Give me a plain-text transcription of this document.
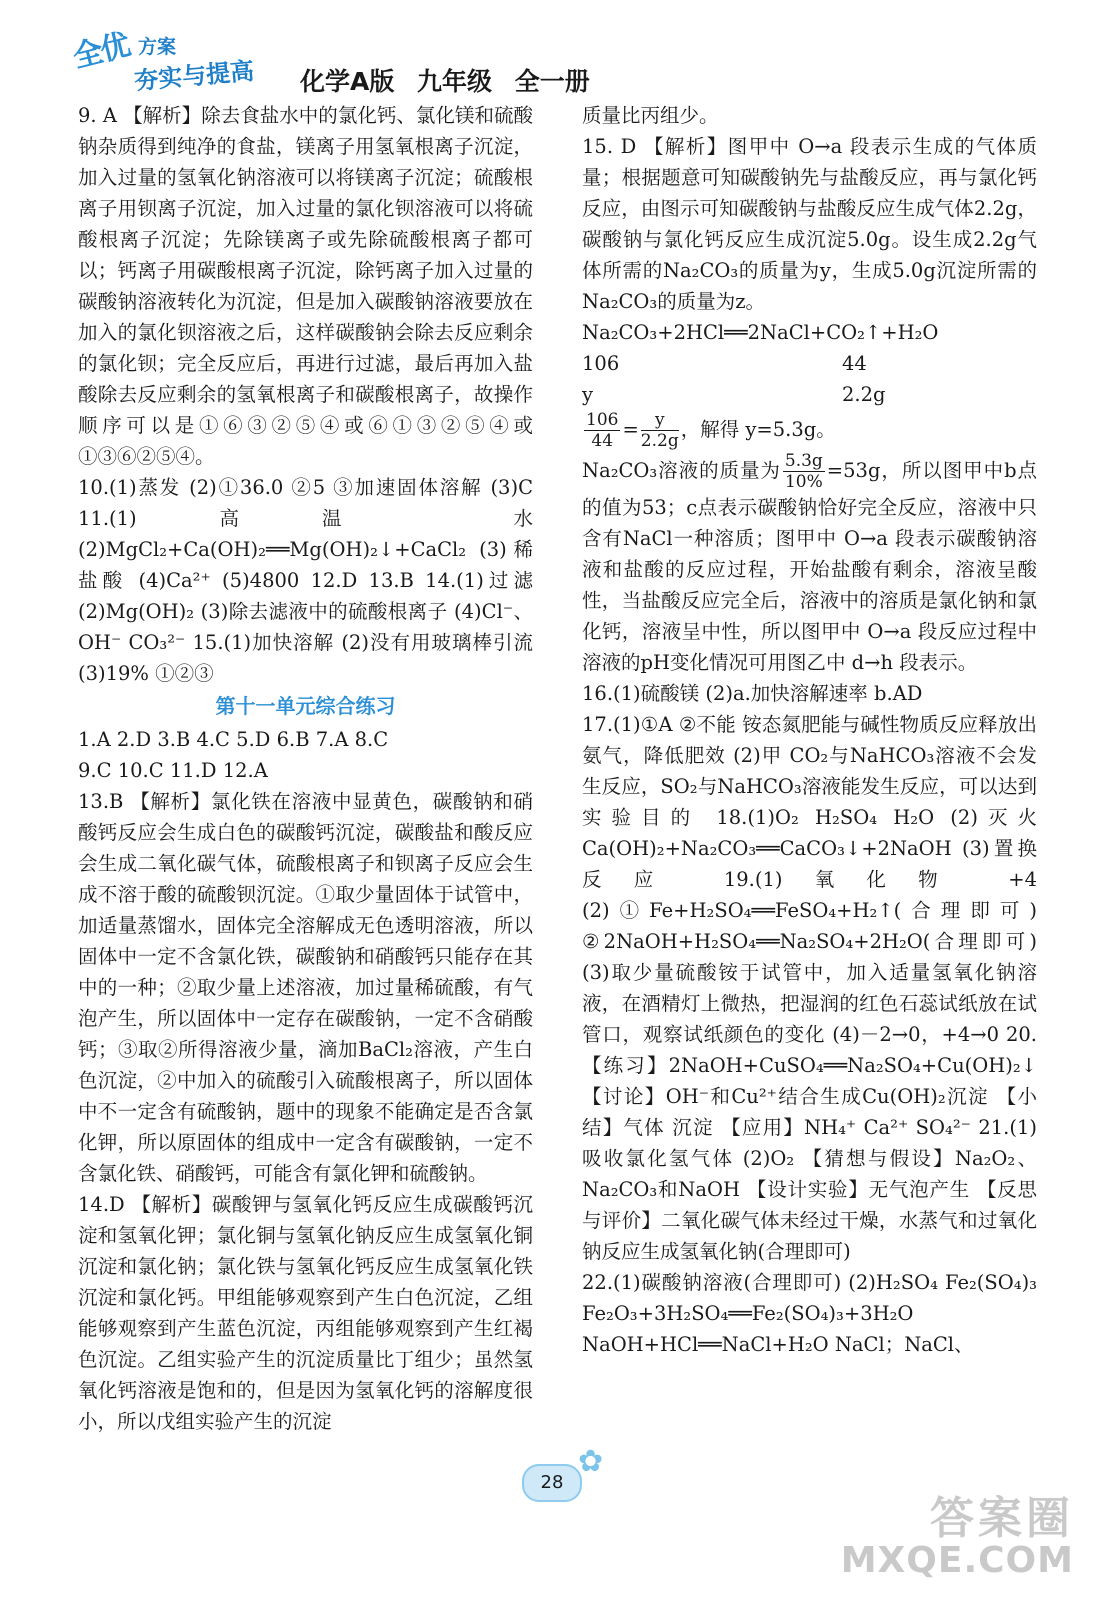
全优 方案
夯实与提高 化学A版 九年级 全一册

9. A 【解析】除去食盐水中的氯化钙、氯化镁和硫酸钠杂质得到纯净的食盐，镁离子用氢氧根离子沉淀，加入过量的氢氧化钠溶液可以将镁离子沉淀；硫酸根离子用钡离子沉淀，加入过量的氯化钡溶液可以将硫酸根离子沉淀；先除镁离子或先除硫酸根离子都可以；钙离子用碳酸根离子沉淀，除钙离子加入过量的碳酸钠溶液转化为沉淀，但是加入碳酸钠溶液要放在加入的氯化钡溶液之后，这样碳酸钠会除去反应剩余的氯化钡；完全反应后，再进行过滤，最后再加入盐酸除去反应剩余的氢氧根离子和碳酸根离子，故操作顺序可以是①⑥③②⑤④或⑥①③②⑤④或①③⑥②⑤④。

10.(1)蒸发 (2)①36.0 ②5 ③加速固体溶解 (3)C 11.(1)高温 水 (2)MgCl₂+Ca(OH)₂══Mg(OH)₂↓+CaCl₂ (3)稀盐酸 (4)Ca²⁺ (5)4800 12.D 13.B 14.(1)过滤 (2)Mg(OH)₂ (3)除去滤液中的硫酸根离子 (4)Cl⁻、OH⁻ CO₃²⁻ 15.(1)加快溶解 (2)没有用玻璃棒引流 (3)19% ①②③

第十一单元综合练习

1.A 2.D 3.B 4.C 5.D 6.B 7.A 8.C

9.C 10.C 11.D 12.A

13.B 【解析】氯化铁在溶液中显黄色，碳酸钠和硝酸钙反应会生成白色的碳酸钙沉淀，碳酸盐和酸反应会生成二氧化碳气体，硫酸根离子和钡离子反应会生成不溶于酸的硫酸钡沉淀。①取少量固体于试管中，加适量蒸馏水，固体完全溶解成无色透明溶液，所以固体中一定不含氯化铁，碳酸钠和硝酸钙只能存在其中的一种；②取少量上述溶液，加过量稀硫酸，有气泡产生，所以固体中一定存在碳酸钠，一定不含硝酸钙；③取②所得溶液少量，滴加BaCl₂溶液，产生白色沉淀，②中加入的硫酸引入硫酸根离子，所以固体中不一定含有硫酸钠，题中的现象不能确定是否含氯化钾，所以原固体的组成中一定含有碳酸钠，一定不含氯化铁、硝酸钙，可能含有氯化钾和硫酸钠。

14.D 【解析】碳酸钾与氢氧化钙反应生成碳酸钙沉淀和氢氧化钾；氯化铜与氢氧化钠反应生成氢氧化铜沉淀和氯化钠；氯化铁与氢氧化钙反应生成氢氧化铁沉淀和氯化钙。甲组能够观察到产生白色沉淀，乙组能够观察到产生蓝色沉淀，丙组能够观察到产生红褐色沉淀。乙组实验产生的沉淀质量比丁组少；虽然氢氧化钙溶液是饱和的，但是因为氢氧化钙的溶解度很小，所以戊组实验产生的沉淀

质量比丙组少。

15. D 【解析】图甲中 O→a 段表示生成的气体质量；根据题意可知碳酸钠先与盐酸反应，再与氯化钙反应，由图示可知碳酸钠与盐酸反应生成气体2.2g，碳酸钠与氯化钙反应生成沉淀5.0g。设生成2.2g气体所需的Na₂CO₃的质量为y，生成5.0g沉淀所需的Na₂CO₃的质量为z。

Na₂CO₃+2HCl══2NaCl+CO₂↑+H₂O

106	44
y	2.2g

$\frac{106}{44} = \frac{y}{2.2g}$ ，解得 y=5.3g。

Na₂CO₃溶液的质量为 $\frac{5.3g}{10\%} =53g$，所以图甲中b点的值为53；c点表示碳酸钠恰好完全反应，溶液中只含有NaCl一种溶质；图甲中 O→a 段表示碳酸钠溶液和盐酸的反应过程，开始盐酸有剩余，溶液呈酸性，当盐酸反应完全后，溶液中的溶质是氯化钠和氯化钙，溶液呈中性，所以图甲中 O→a 段反应过程中溶液的pH变化情况可用图乙中 d→h 段表示。

16.(1)硫酸镁 (2)a.加快溶解速率 b.AD

17.(1)①A ②不能 铵态氮肥能与碱性物质反应释放出氨气，降低肥效 (2)甲 CO₂与NaHCO₃溶液不会发生反应，SO₂与NaHCO₃溶液能发生反应，可以达到实验目的 18.(1)O₂ H₂SO₄ H₂O (2)灭火 Ca(OH)₂+Na₂CO₃══CaCO₃↓+2NaOH (3)置换反应 19.(1)氧化物 +4 (2)①Fe+H₂SO₄══FeSO₄+H₂↑(合理即可) ②2NaOH+H₂SO₄══Na₂SO₄+2H₂O(合理即可) (3)取少量硫酸铵于试管中，加入适量氢氧化钠溶液，在酒精灯上微热，把湿润的红色石蕊试纸放在试管口，观察试纸颜色的变化 (4)－2→0，+4→0 20.【练习】2NaOH+CuSO₄══Na₂SO₄+Cu(OH)₂↓ 【讨论】OH⁻和Cu²⁺结合生成Cu(OH)₂沉淀 【小结】气体 沉淀 【应用】NH₄⁺ Ca²⁺ SO₄²⁻ 21.(1)吸收氯化氢气体 (2)O₂ 【猜想与假设】Na₂O₂、Na₂CO₃和NaOH 【设计实验】无气泡产生 【反思与评价】二氧化碳气体未经过干燥，水蒸气和过氧化钠反应生成氢氧化钠(合理即可)

22.(1)碳酸钠溶液(合理即可) (2)H₂SO₄ Fe₂(SO₄)₃ Fe₂O₃+3H₂SO₄══Fe₂(SO₄)₃+3H₂O NaOH+HCl══NaCl+H₂O NaCl；NaCl、

28
✿
答案圈
MXQE.COM
